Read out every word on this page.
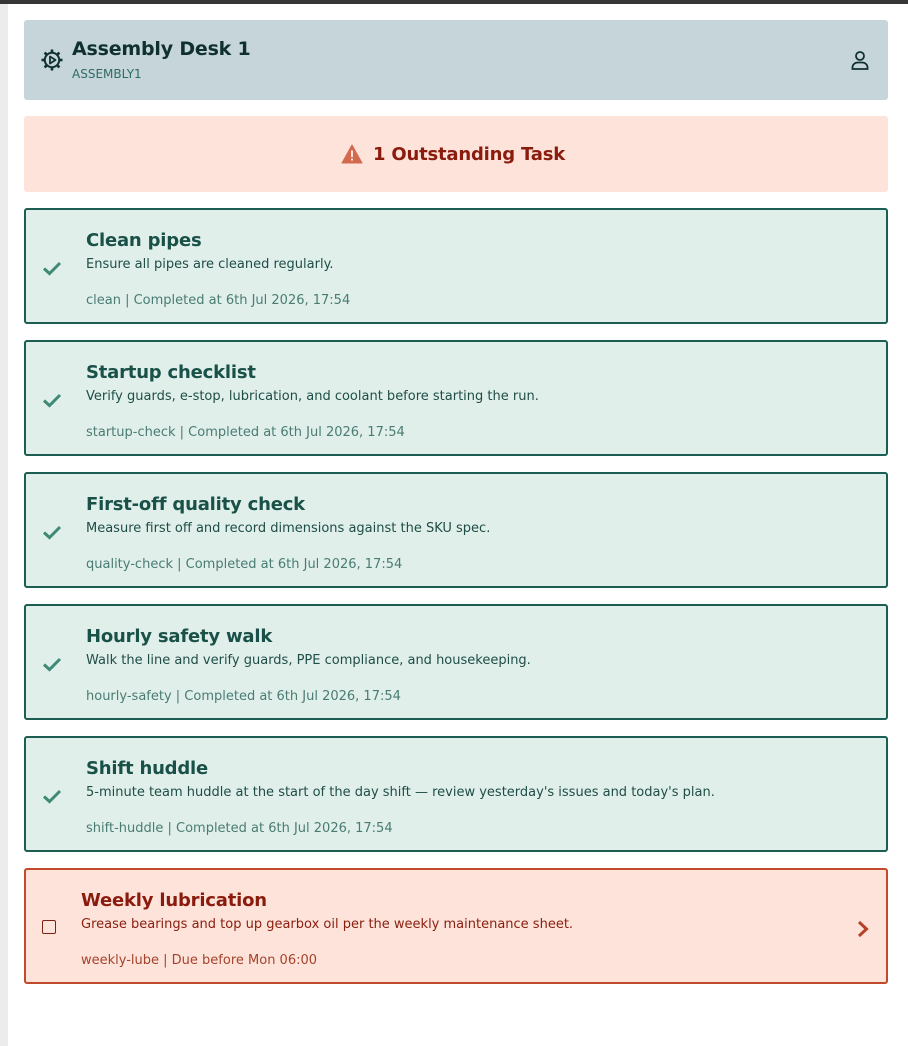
Assembly Desk 1
ASSEMBLY1
1 Outstanding Task
Clean pipes
Ensure all pipes are cleaned regularly.
clean | Completed at 6th Jul 2026, 17:54
Startup checklist
Verify guards, e-stop, lubrication, and coolant before starting the run.
startup-check | Completed at 6th Jul 2026, 17:54
First-off quality check
Measure first off and record dimensions against the SKU spec.
quality-check | Completed at 6th Jul 2026, 17:54
Hourly safety walk
Walk the line and verify guards, PPE compliance, and housekeeping.
hourly-safety | Completed at 6th Jul 2026, 17:54
Shift huddle
5-minute team huddle at the start of the day shift — review yesterday's issues and today's plan.
shift-huddle | Completed at 6th Jul 2026, 17:54
Weekly lubrication
Grease bearings and top up gearbox oil per the weekly maintenance sheet.
weekly-lube | Due before Mon 06:00
